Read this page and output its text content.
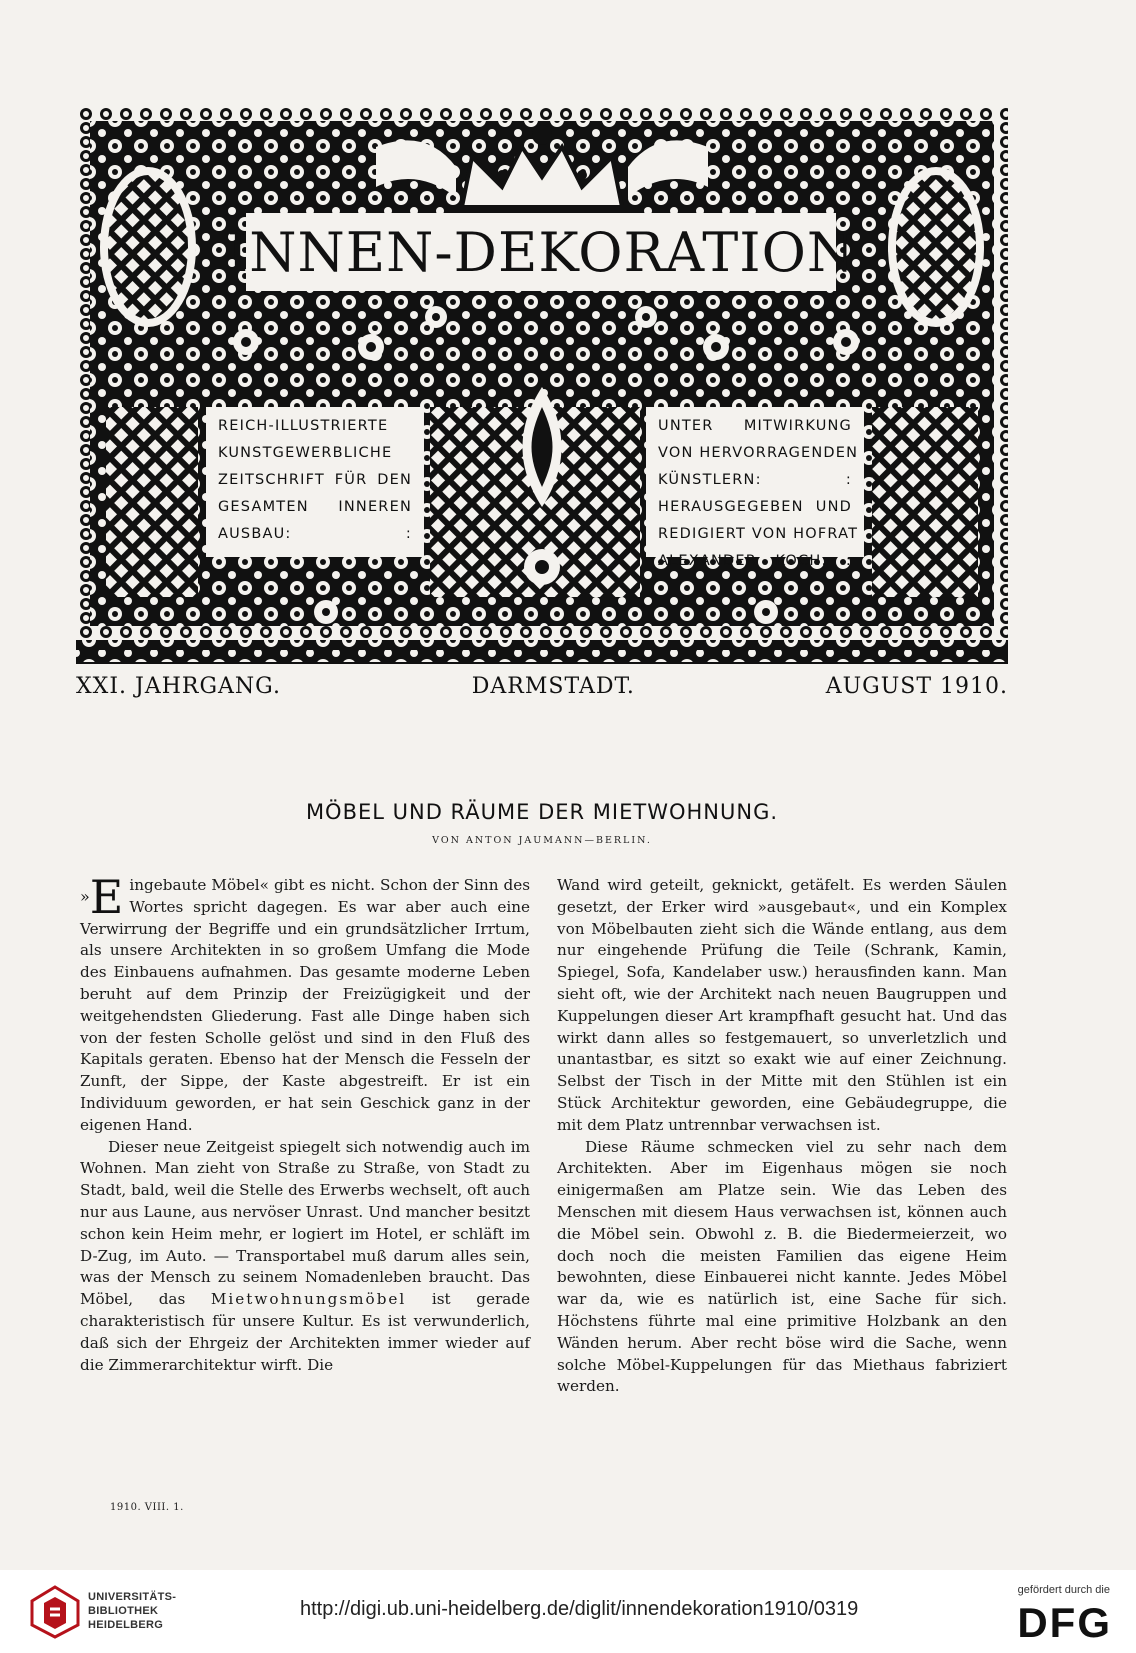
INNEN-DEKORATION
REICH-ILLUSTRIERTE
KUNSTGEWERBLICHE
ZEITSCHRIFT FÜR DEN
GESAMTEN INNEREN
AUSBAU: :
UNTER MITWIRKUNG
VON HERVORRAGENDEN
KÜNSTLERN: :
HERAUSGEGEBEN UND
REDIGIERT VON HOFRAT
ALEXANDER KOCH: :
XXI. JAHRGANG.	DARMSTADT.	AUGUST 1910.
MÖBEL UND RÄUME DER MIETWOHNUNG.
VON ANTON JAUMANN—BERLIN.

»E ingebaute Möbel« gibt es nicht. Schon der Sinn des Wortes spricht dagegen. Es war aber auch eine Verwirrung der Begriffe und ein grundsätzlicher Irrtum, als unsere Architekten in so großem Umfang die Mode des Einbauens aufnahmen. Das gesamte moderne Leben beruht auf dem Prinzip der Freizügigkeit und der weitgehendsten Gliederung. Fast alle Dinge haben sich von der festen Scholle gelöst und sind in den Fluß des Kapitals geraten. Ebenso hat der Mensch die Fesseln der Zunft, der Sippe, der Kaste abgestreift. Er ist ein Individuum geworden, er hat sein Geschick ganz in der eigenen Hand.

Dieser neue Zeitgeist spiegelt sich notwendig auch im Wohnen. Man zieht von Straße zu Straße, von Stadt zu Stadt, bald, weil die Stelle des Erwerbs wechselt, oft auch nur aus Laune, aus nervöser Unrast. Und mancher besitzt schon kein Heim mehr, er logiert im Hotel, er schläft im D-Zug, im Auto. — Transportabel muß darum alles sein, was der Mensch zu seinem Nomadenleben braucht. Das Möbel, das Mietwohnungsmöbel ist gerade charakteristisch für unsere Kultur. Es ist verwunderlich, daß sich der Ehrgeiz der Architekten immer wieder auf die Zimmerarchitektur wirft. Die

Wand wird geteilt, geknickt, getäfelt. Es werden Säulen gesetzt, der Erker wird »ausgebaut«, und ein Komplex von Möbelbauten zieht sich die Wände entlang, aus dem nur eingehende Prüfung die Teile (Schrank, Kamin, Spiegel, Sofa, Kandelaber usw.) herausfinden kann. Man sieht oft, wie der Architekt nach neuen Baugruppen und Kuppelungen dieser Art krampfhaft gesucht hat. Und das wirkt dann alles so festgemauert, so unverletzlich und unantastbar, es sitzt so exakt wie auf einer Zeichnung. Selbst der Tisch in der Mitte mit den Stühlen ist ein Stück Architektur geworden, eine Gebäudegruppe, die mit dem Platz untrennbar verwachsen ist.

Diese Räume schmecken viel zu sehr nach dem Architekten. Aber im Eigenhaus mögen sie noch einigermaßen am Platze sein. Wie das Leben des Menschen mit diesem Haus verwachsen ist, können auch die Möbel sein. Obwohl z. B. die Biedermeierzeit, wo doch noch die meisten Familien das eigene Heim bewohnten, diese Einbauerei nicht kannte. Jedes Möbel war da, wie es natürlich ist, eine Sache für sich. Höchstens führte mal eine primitive Holzbank an den Wänden herum. Aber recht böse wird die Sache, wenn solche Möbel-Kuppelungen für das Miethaus fabriziert werden.

1910. VIII. 1.
UNIVERSITÄTS-
BIBLIOTHEK
HEIDELBERG
http://digi.ub.uni-heidelberg.de/diglit/innendekoration1910/0319
gefördert durch die
DFG
